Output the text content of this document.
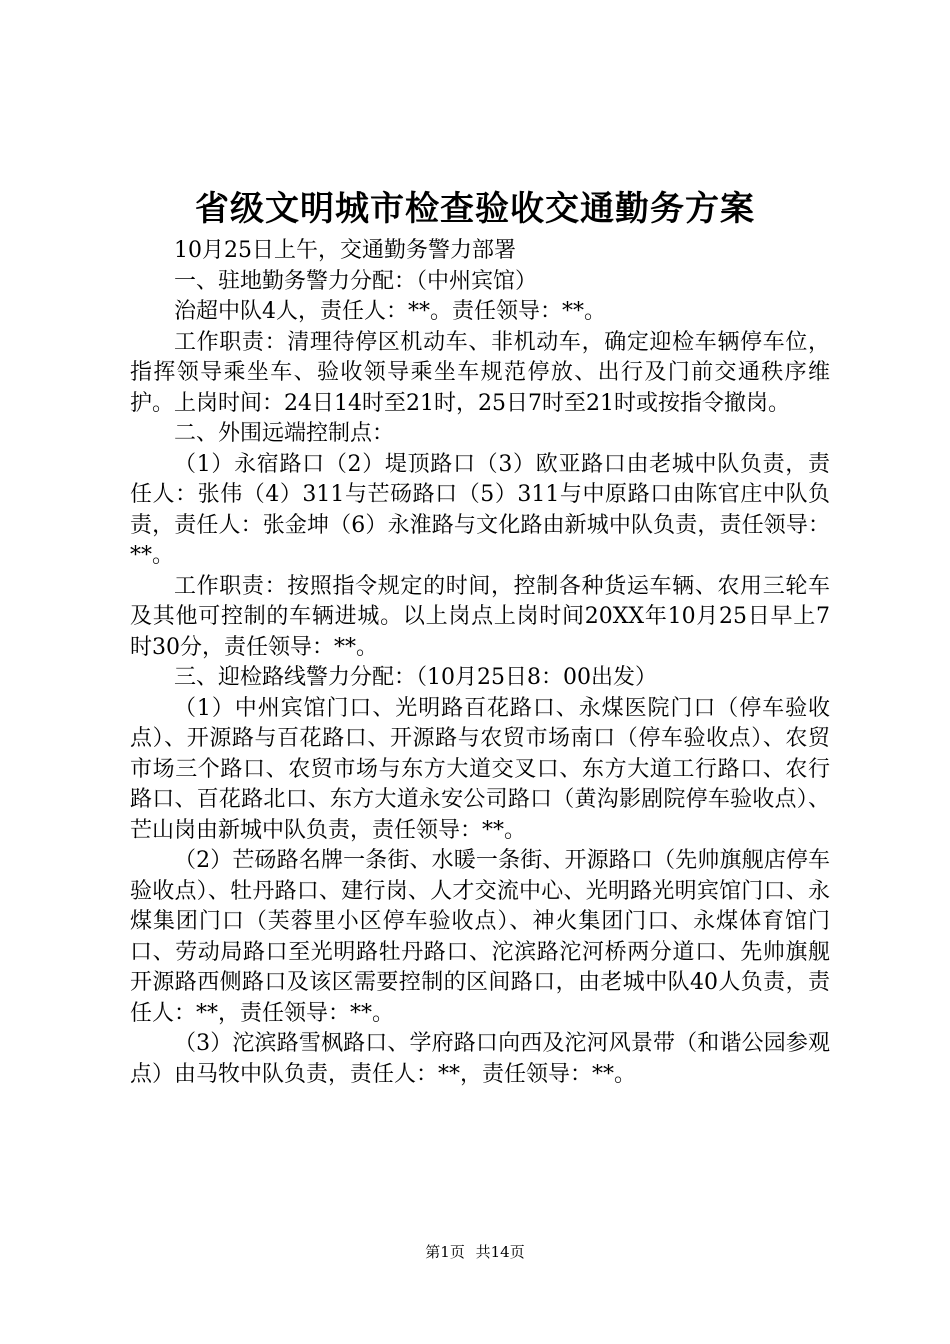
省级文明城市检查验收交通勤务方案

10月25日上午，交通勤务警力部署

一、驻地勤务警力分配：（中州宾馆）

治超中队4人，责任人：**。责任领导：**。

工作职责：清理待停区机动车、非机动车，确定迎检车辆停车位，指挥领导乘坐车、验收领导乘坐车规范停放、出行及门前交通秩序维护。上岗时间：24日14时至21时，25日7时至21时或按指令撤岗。

二、外围远端控制点：

（1）永宿路口（2）堤顶路口（3）欧亚路口由老城中队负责，责任人：张伟（4）311与芒砀路口（5）311与中原路口由陈官庄中队负责，责任人：张金坤（6）永淮路与文化路由新城中队负责，责任领导：**。

工作职责：按照指令规定的时间，控制各种货运车辆、农用三轮车及其他可控制的车辆进城。以上岗点上岗时间20XX年10月25日早上7时30分，责任领导：**。

三、迎检路线警力分配：（10月25日8：00出发）

（1）中州宾馆门口、光明路百花路口、永煤医院门口（停车验收点）、开源路与百花路口、开源路与农贸市场南口（停车验收点）、农贸市场三个路口、农贸市场与东方大道交叉口、东方大道工行路口、农行路口、百花路北口、东方大道永安公司路口（黄沟影剧院停车验收点）、芒山岗由新城中队负责，责任领导：**。

（2）芒砀路名牌一条街、水暖一条街、开源路口（先帅旗舰店停车验收点）、牡丹路口、建行岗、人才交流中心、光明路光明宾馆门口、永煤集团门口（芙蓉里小区停车验收点）、神火集团门口、永煤体育馆门口、劳动局路口至光明路牡丹路口、沱滨路沱河桥两分道口、先帅旗舰开源路西侧路口及该区需要控制的区间路口，由老城中队40人负责，责任人：**，责任领导：**。

（3）沱滨路雪枫路口、学府路口向西及沱河风景带（和谐公园参观点）由马牧中队负责，责任人：**，责任领导：**。

第1页 共14页
